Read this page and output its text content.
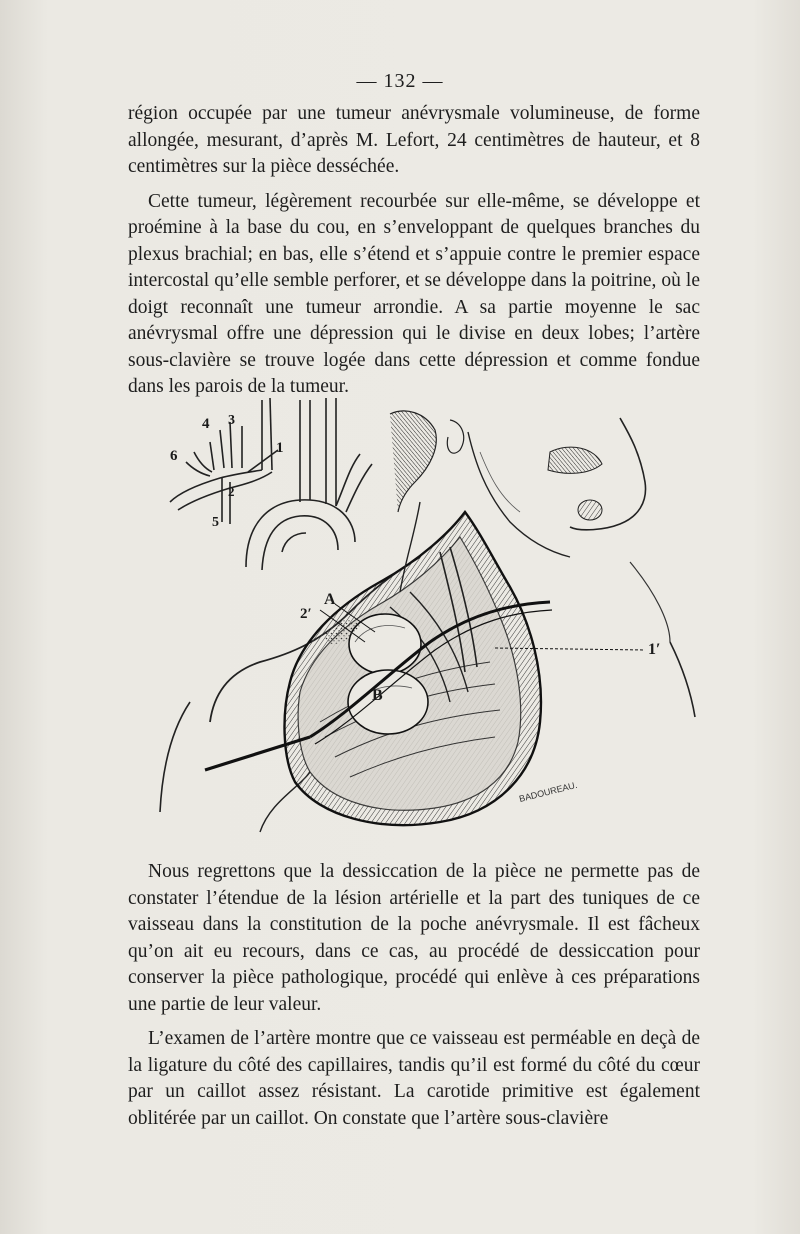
— 132 —

région occupée par une tumeur anévrysmale volumineuse, de forme allongée, mesurant, d’après M. Lefort, 24 centimètres de hauteur, et 8 centimètres sur la pièce desséchée.

Cette tumeur, légèrement recourbée sur elle-même, se développe et proémine à la base du cou, en s’enveloppant de quelques branches du plexus brachial; en bas, elle s’étend et s’appuie contre le premier espace intercostal qu’elle semble perforer, et se développe dans la poitrine, où le doigt reconnaît une tumeur arrondie. A sa partie moyenne le sac anévrysmal offre une dépression qui le divise en deux lobes; l’artère sous-clavière se trouve logée dans cette dépression et comme fondue dans les parois de la tumeur.

1
2
3
4
5
6
A
2′
1′
B
BADOUREAU.

Nous regrettons que la dessiccation de la pièce ne permette pas de constater l’étendue de la lésion artérielle et la part des tuniques de ce vaisseau dans la constitution de la poche anévrysmale. Il est fâcheux qu’on ait eu recours, dans ce cas, au procédé de dessiccation pour conserver la pièce pathologique, procédé qui enlève à ces préparations une partie de leur valeur.

L’examen de l’artère montre que ce vaisseau est perméable en deçà de la ligature du côté des capillaires, tandis qu’il est formé du côté du cœur par un caillot assez résistant. La carotide primitive est également oblitérée par un caillot. On constate que l’artère sous-clavière
